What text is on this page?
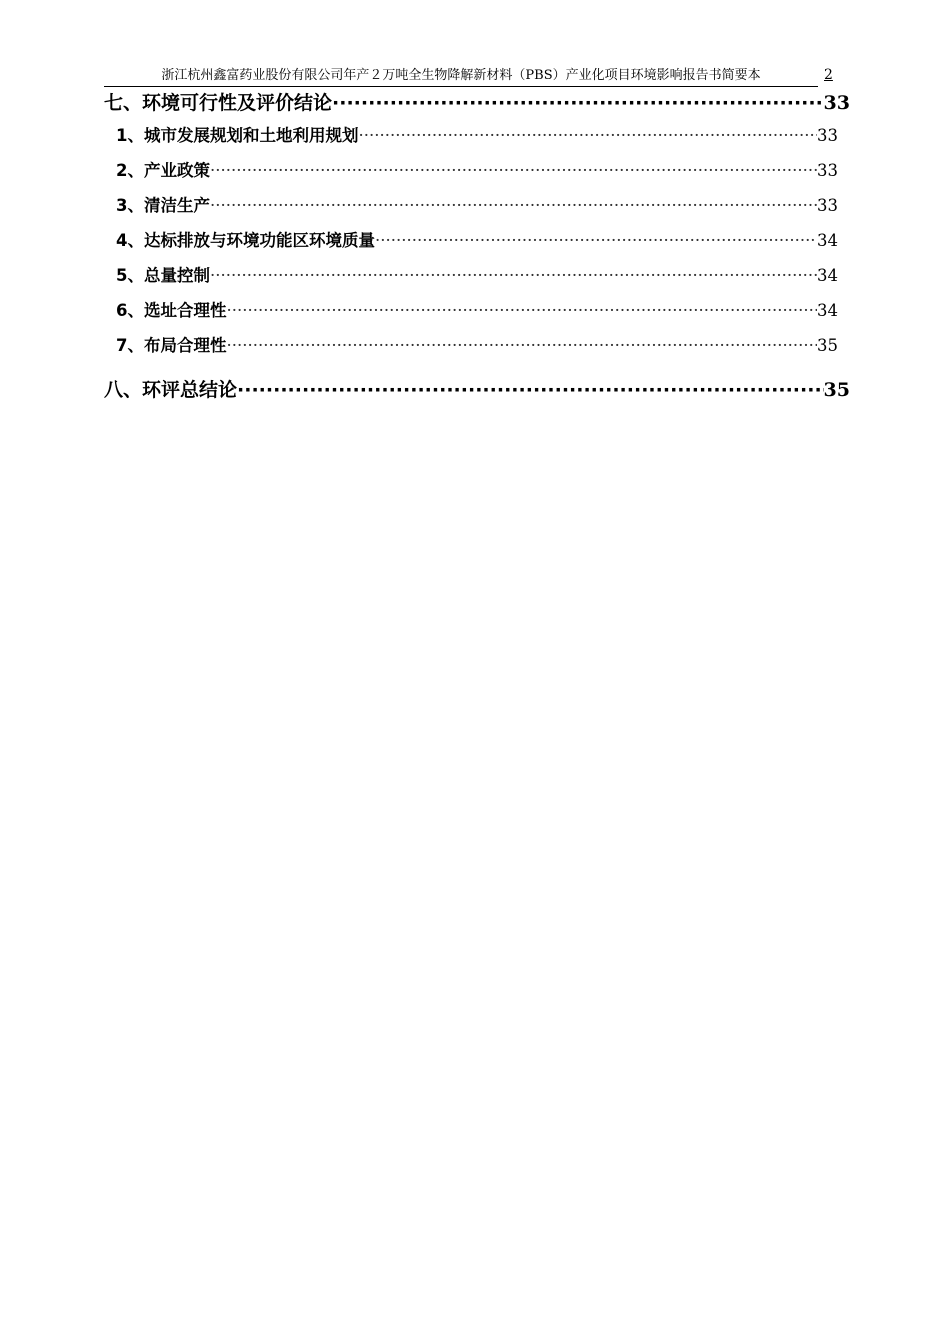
浙江杭州鑫富药业股份有限公司年产２万吨全生物降解新材料（PBS）产业化项目环境影响报告书简要本	2
七、环境可行性及评价结论 ·····	33
1、城市发展规划和土地利用规划 ·····	33
2、产业政策 ·····	33
3、清洁生产 ·····	33
4、达标排放与环境功能区环境质量 ·····	34
5、总量控制 ·····	34
6、选址合理性 ·····	34
7、布局合理性 ·····	35
八、环评总结论 ·····	35
